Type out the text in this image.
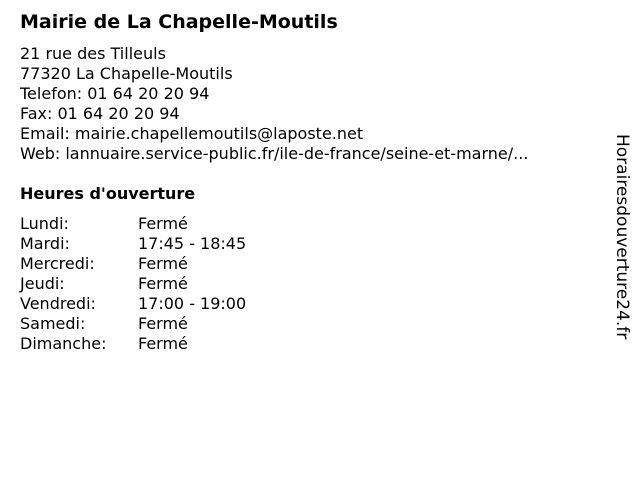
Mairie de La Chapelle-Moutils
21 rue des Tilleuls
77320 La Chapelle-Moutils
Telefon: 01 64 20 20 94
Fax: 01 64 20 20 94
Email: mairie.chapellemoutils@laposte.net
Web: lannuaire.service-public.fr/ile-de-france/seine-et-marne/...
Heures d'ouverture
Lundi:	Fermé
Mardi:	17:45 - 18:45
Mercredi:	Fermé
Jeudi:	Fermé
Vendredi:	17:00 - 19:00
Samedi:	Fermé
Dimanche: Fermé
Horairesdouverture24.fr
